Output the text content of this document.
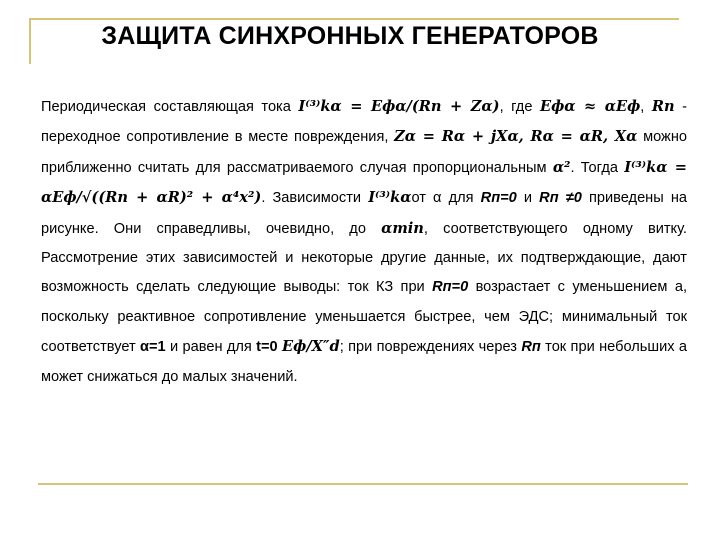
ЗАЩИТА СИНХРОННЫХ ГЕНЕРАТОРОВ
Периодическая составляющая тока I⁽³⁾kα = Eфα/(Rп + Zα), где Eфα ≈ αEф, Rп - переходное сопротивление в месте повреждения, Zα = Rα + jXα, Rα = αR, Xα можно приближенно считать для рассматриваемого случая пропорциональным α². Тогда I⁽³⁾kα = αEф/√((Rп + αR)² + α⁴x²). Зависимости I⁽³⁾kαот α для Rп=0 и Rп ≠0 приведены на рисунке. Они справедливы, очевидно, до αmin, соответствующего одному витку. Рассмотрение этих зависимостей и некоторые другие данные, их подтверждающие, дают возможность сделать следующие выводы: ток КЗ при Rп=0 возрастает с уменьшением а, поскольку реактивное сопротивление уменьшается быстрее, чем ЭДС; минимальный ток соответствует α=1 и равен для t=0 Eф/X″d; при повреждениях через Rп ток при небольших а может снижаться до малых значений.
